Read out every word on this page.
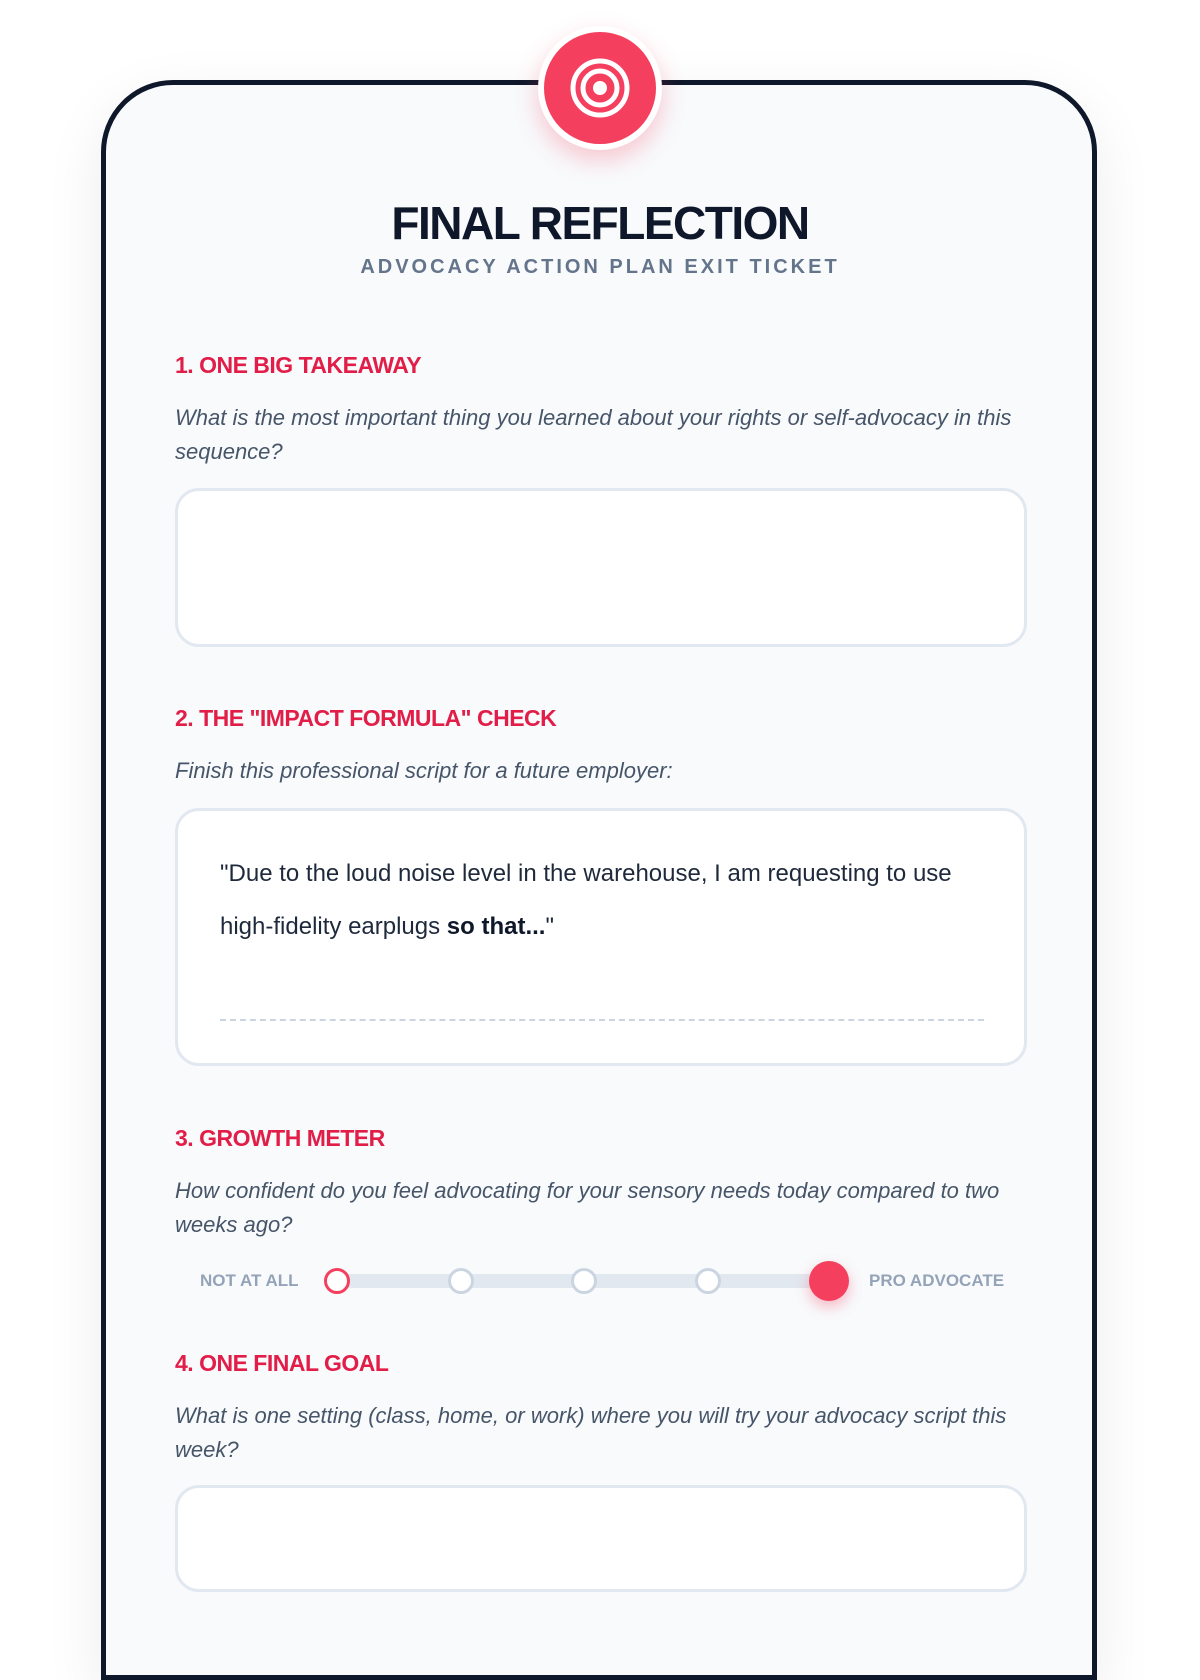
FINAL REFLECTION
ADVOCACY ACTION PLAN EXIT TICKET
1. ONE BIG TAKEAWAY
What is the most important thing you learned about your rights or self-advocacy in this sequence?
2. THE "IMPACT FORMULA" CHECK
Finish this professional script for a future employer:
"Due to the loud noise level in the warehouse, I am requesting to use high-fidelity earplugs so that..."
3. GROWTH METER
How confident do you feel advocating for your sensory needs today compared to two weeks ago?
NOT AT ALL	PRO ADVOCATE
4. ONE FINAL GOAL
What is one setting (class, home, or work) where you will try your advocacy script this week?
